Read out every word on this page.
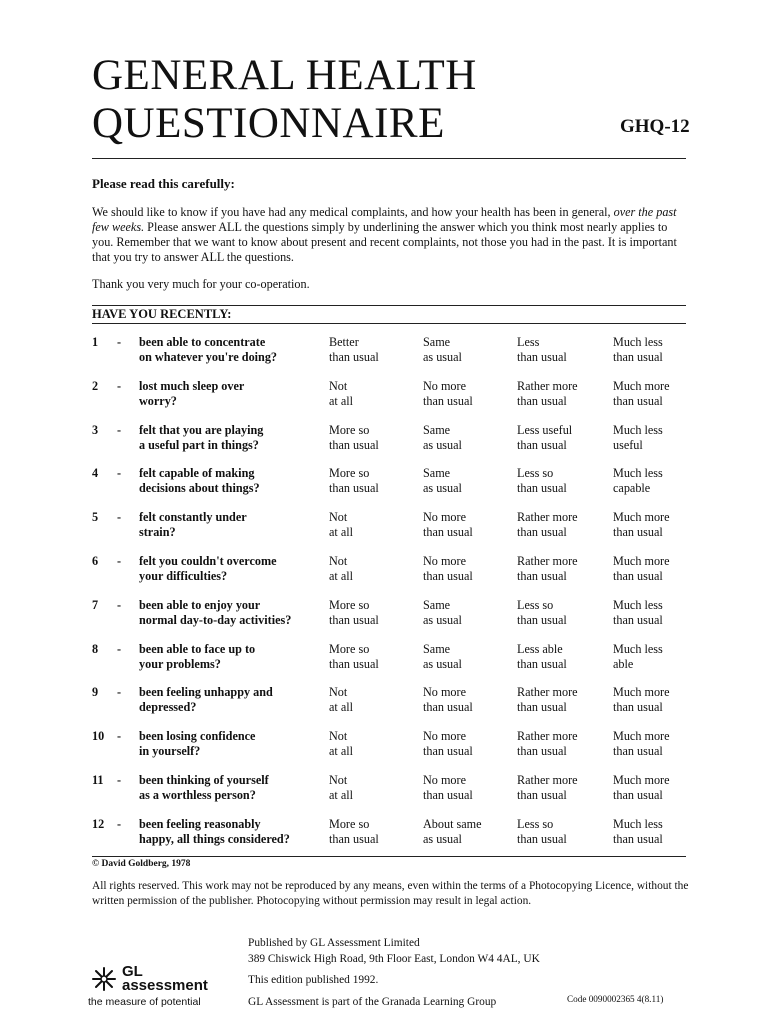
GENERAL HEALTH
QUESTIONNAIRE	GHQ-12
Please read this carefully:
We should like to know if you have had any medical complaints, and how your health has been in general, over the past few weeks. Please answer ALL the questions simply by underlining the answer which you think most nearly applies to you. Remember that we want to know about present and recent complaints, not those you had in the past. It is important that you try to answer ALL the questions.
Thank you very much for your co-operation.
HAVE YOU RECENTLY:
1 - been able to concentrate
on whatever you're doing?
Better
than usual
Same
as usual
Less
than usual
Much less
than usual
2 - lost much sleep over
worry?
Not
at all
No more
than usual
Rather more
than usual
Much more
than usual
3 - felt that you are playing
a useful part in things?
More so
than usual
Same
as usual
Less useful
than usual
Much less
useful
4 - felt capable of making
decisions about things?
More so
than usual
Same
as usual
Less so
than usual
Much less
capable
5 - felt constantly under
strain?
Not
at all
No more
than usual
Rather more
than usual
Much more
than usual
6 - felt you couldn't overcome
your difficulties?
Not
at all
No more
than usual
Rather more
than usual
Much more
than usual
7 - been able to enjoy your
normal day-to-day activities?
More so
than usual
Same
as usual
Less so
than usual
Much less
than usual
8 - been able to face up to
your problems?
More so
than usual
Same
as usual
Less able
than usual
Much less
able
9 - been feeling unhappy and
depressed?
Not
at all
No more
than usual
Rather more
than usual
Much more
than usual
10 - been losing confidence
in yourself?
Not
at all
No more
than usual
Rather more
than usual
Much more
than usual
11 - been thinking of yourself
as a worthless person?
Not
at all
No more
than usual
Rather more
than usual
Much more
than usual
12 - been feeling reasonably
happy, all things considered?
More so
than usual
About same
as usual
Less so
than usual
Much less
than usual
© David Goldberg, 1978
All rights reserved. This work may not be reproduced by any means, even within the terms of a Photocopying Licence, without the written permission of the publisher. Photocopying without permission may result in legal action.
Published by GL Assessment Limited
389 Chiswick High Road, 9th Floor East, London W4 4AL, UK
This edition published 1992.
GL Assessment is part of the Granada Learning Group	Code 0090002365 4(8.11)
GL
assessment
the measure of potential
